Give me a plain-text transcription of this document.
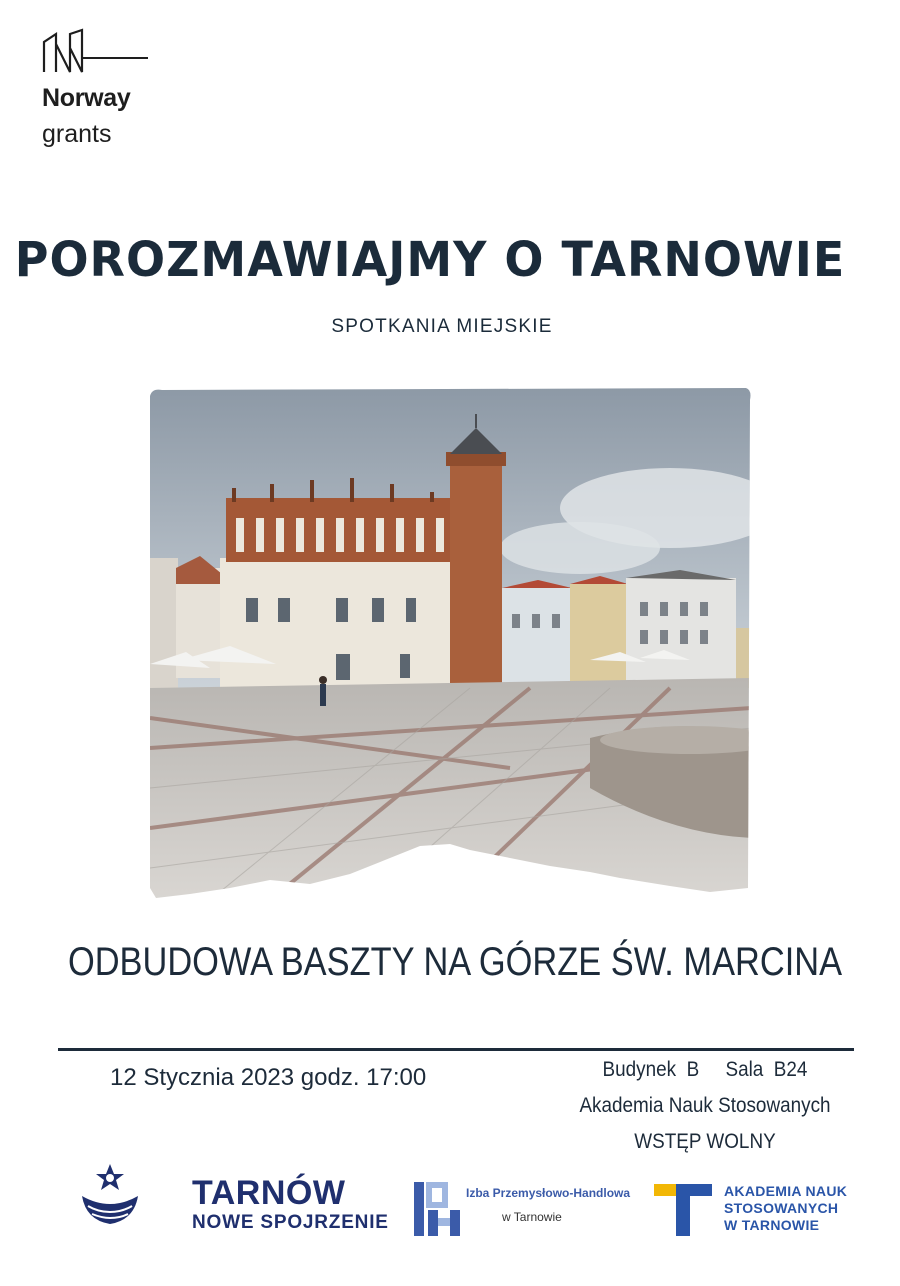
Norway
grants
POROZMAWIAJMY O TARNOWIE
SPOTKANIA MIEJSKIE
ODBUDOWA BASZTY NA GÓRZE ŚW. MARCINA
12 Stycznia 2023 godz. 17:00	Budynek  B     Sala  B24
Akademia Nauk Stosowanych
WSTĘP WOLNY
TARNÓW
NOWE SPOJRZENIE
Izba Przemysłowo-Handlowa
w Tarnowie
AKADEMIA NAUK
STOSOWANYCH
W TARNOWIE
